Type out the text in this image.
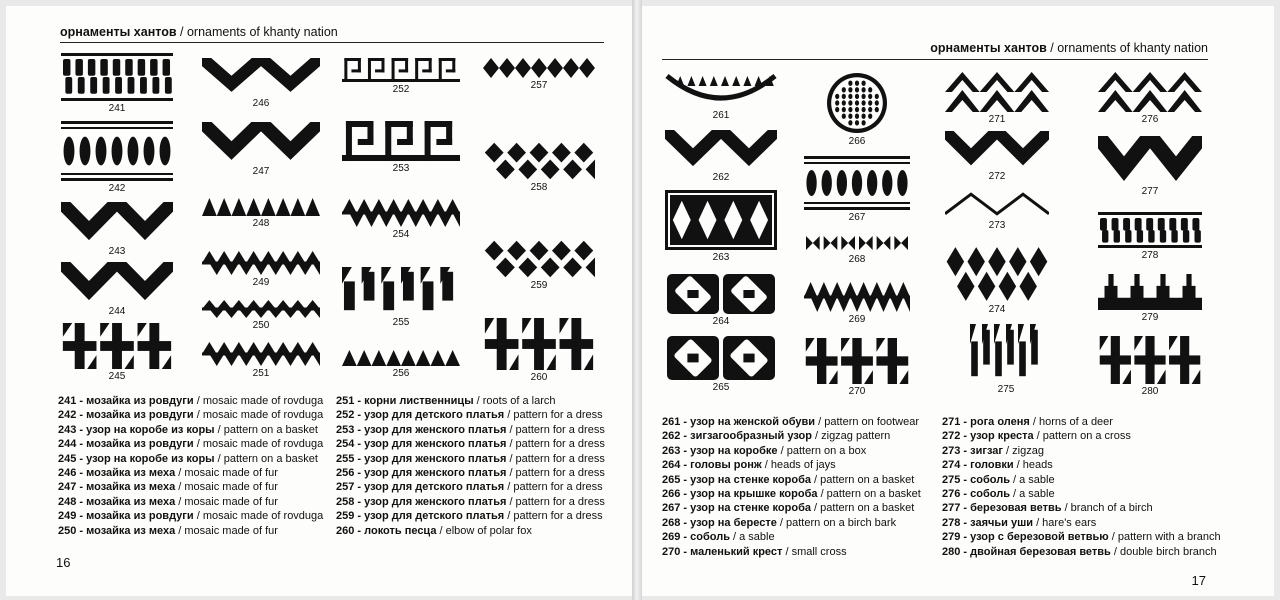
орнаменты хантов / ornaments of khanty nation
241
242
243
244
245
246
247
248
249
250
251
252
253
254
255
256
257
258
259
260
241 - мозайка из ровдуги / mosaic made of rovduga
242 - мозайка из ровдуги / mosaic made of rovduga
243 - узор на коробе из коры / pattern on a basket
244 - мозайка из ровдуги / mosaic made of rovduga
245 - узор на коробе из коры / pattern on a basket
246 - мозайка из меха / mosaic made of fur
247 - мозайка из меха / mosaic made of fur
248 - мозайка из меха / mosaic made of fur
249 - мозайка из ровдуги / mosaic made of rovduga
250 - мозайка из меха / mosaic made of fur
251 - корни лиственницы / roots of a larch
252 - узор для детского платья / pattern for a dress
253 - узор для женского платья / pattern for a dress
254 - узор для женского платья / pattern for a dress
255 - узор для женского платья / pattern for a dress
256 - узор для женского платья / pattern for a dress
257 - узор для детского платья / pattern for a dress
258 - узор для женского платья / pattern for a dress
259 - узор для детского платья / pattern for a dress
260 - локоть песца / elbow of polar fox
16
орнаменты хантов / ornaments of khanty nation
261
262
263
264
265
266
267
268
269
270
271
272
273
274
275
276
277
278
279
280
261 - узор на женской обуви / pattern on footwear
262 - зигзагообразный узор / zigzag pattern
263 - узор на коробке / pattern on a box
264 - головы ронж / heads of jays
265 - узор на стенке короба / pattern on a basket
266 - узор на крышке короба / pattern on a basket
267 - узор на стенке короба / pattern on a basket
268 - узор на бересте / pattern on a birch bark
269 - соболь / a sable
270 - маленький крест / small cross
271 - рога оленя / horns of a deer
272 - узор креста / pattern on a cross
273 - зигзаг / zigzag
274 - головки / heads
275 - соболь / a sable
276 - соболь / a sable
277 - березовая ветвь / branch of a birch
278 - заячьи уши / hare's ears
279 - узор с березовой ветвью / pattern with a branch
280 - двойная березовая ветвь / double birch branch
17
